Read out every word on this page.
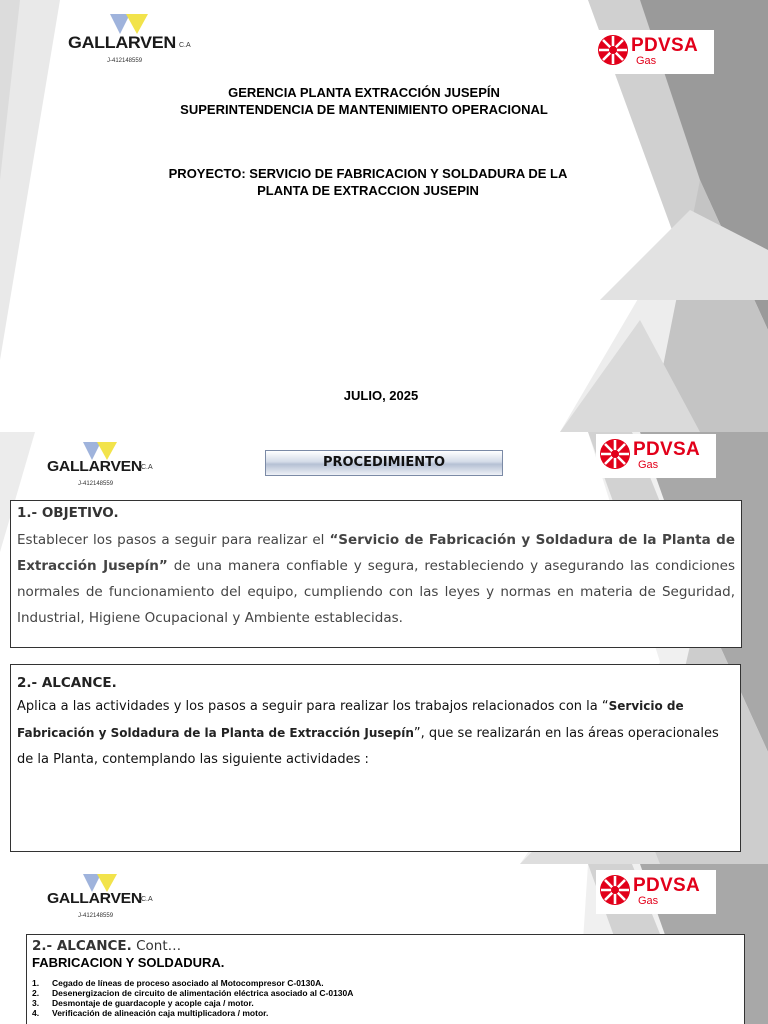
GALLARVEN C.A
J-412148559
PDVSA
Gas
GERENCIA PLANTA EXTRACCIÓN JUSEPÍN
SUPERINTENDENCIA DE MANTENIMIENTO OPERACIONAL
PROYECTO: SERVICIO DE FABRICACION Y SOLDADURA DE LA
PLANTA DE EXTRACCION JUSEPIN
JULIO, 2025
GALLARVEN C.A
J-412148559
PDVSA
Gas
PROCEDIMIENTO
1.- OBJETIVO.
Establecer los pasos a seguir para realizar el “Servicio de Fabricación y Soldadura de la Planta de Extracción Jusepín” de una manera confiable y segura, restableciendo y asegurando las condiciones normales de funcionamiento del equipo, cumpliendo con las leyes y normas en materia de Seguridad, Industrial, Higiene Ocupacional y Ambiente establecidas.
2.- ALCANCE.
Aplica a las actividades y los pasos a seguir para realizar los trabajos relacionados con la “Servicio de Fabricación y Soldadura de la Planta de Extracción Jusepín”, que se realizarán en las áreas operacionales de la Planta, contemplando las siguiente actividades :
GALLARVEN C.A
J-412148559
PDVSA
Gas
2.- ALCANCE. Cont…
FABRICACION Y SOLDADURA.
1. Cegado de líneas de proceso asociado al Motocompresor C-0130A.
2. Desenergizacion de circuito de alimentación eléctrica asociado al C-0130A
3. Desmontaje de guardacople y acople caja / motor.
4. Verificación de alineación caja multiplicadora / motor.
